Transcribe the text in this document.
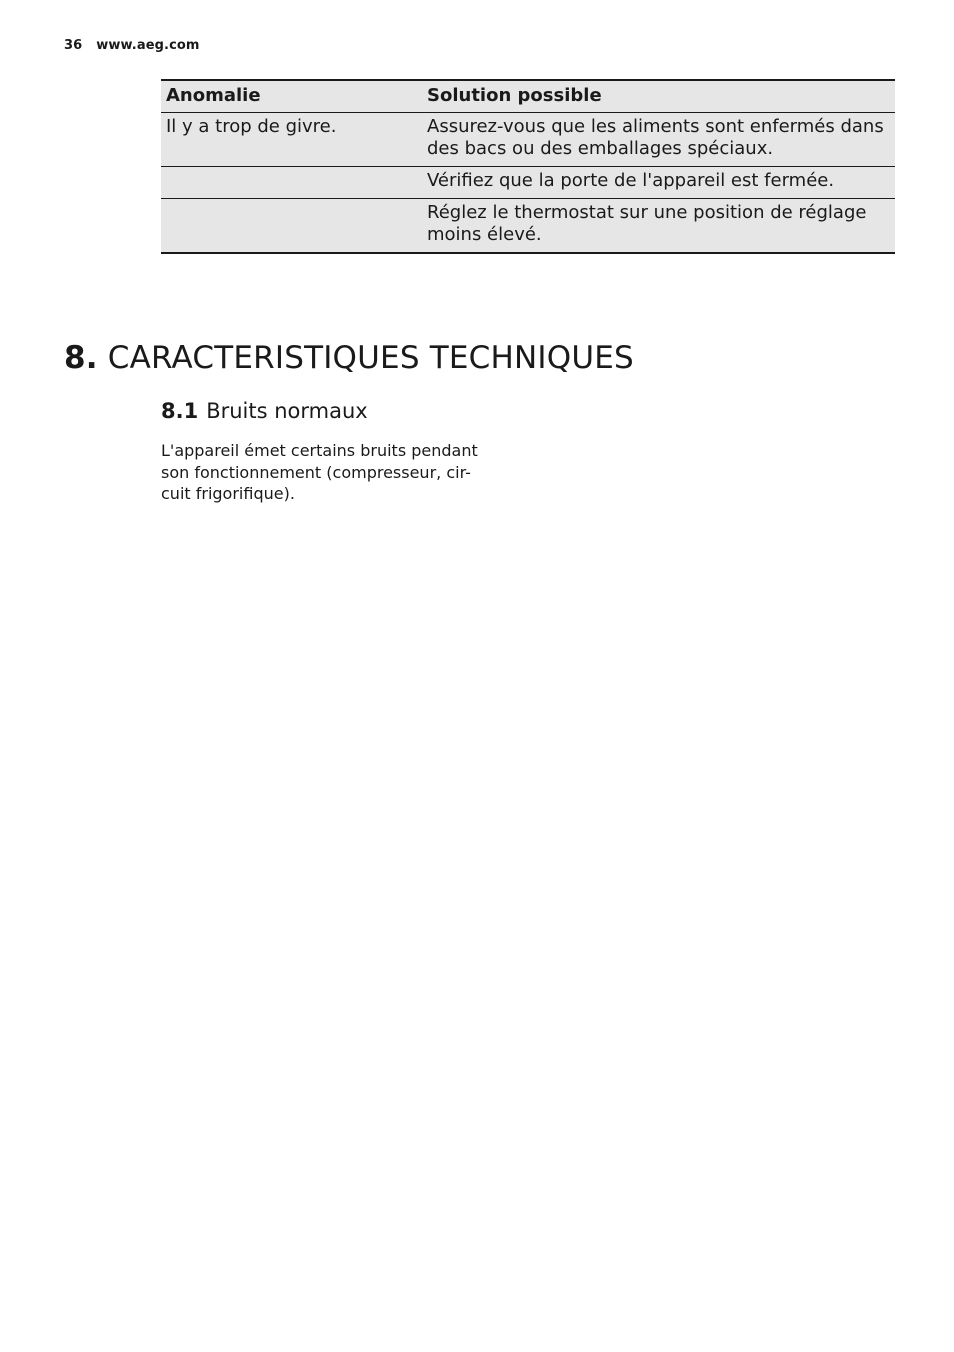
36 www.aeg.com
Anomalie	Solution possible
Il y a trop de givre.	Assurez-vous que les aliments sont enfermés dans
des bacs ou des emballages spéciaux.
	Vérifiez que la porte de l'appareil est fermée.
	Réglez le thermostat sur une position de réglage
moins élevé.
8. CARACTERISTIQUES TECHNIQUES
8.1 Bruits normaux

L'appareil émet certains bruits pendant
son fonctionnement (compresseur, cir-
cuit frigorifique).
